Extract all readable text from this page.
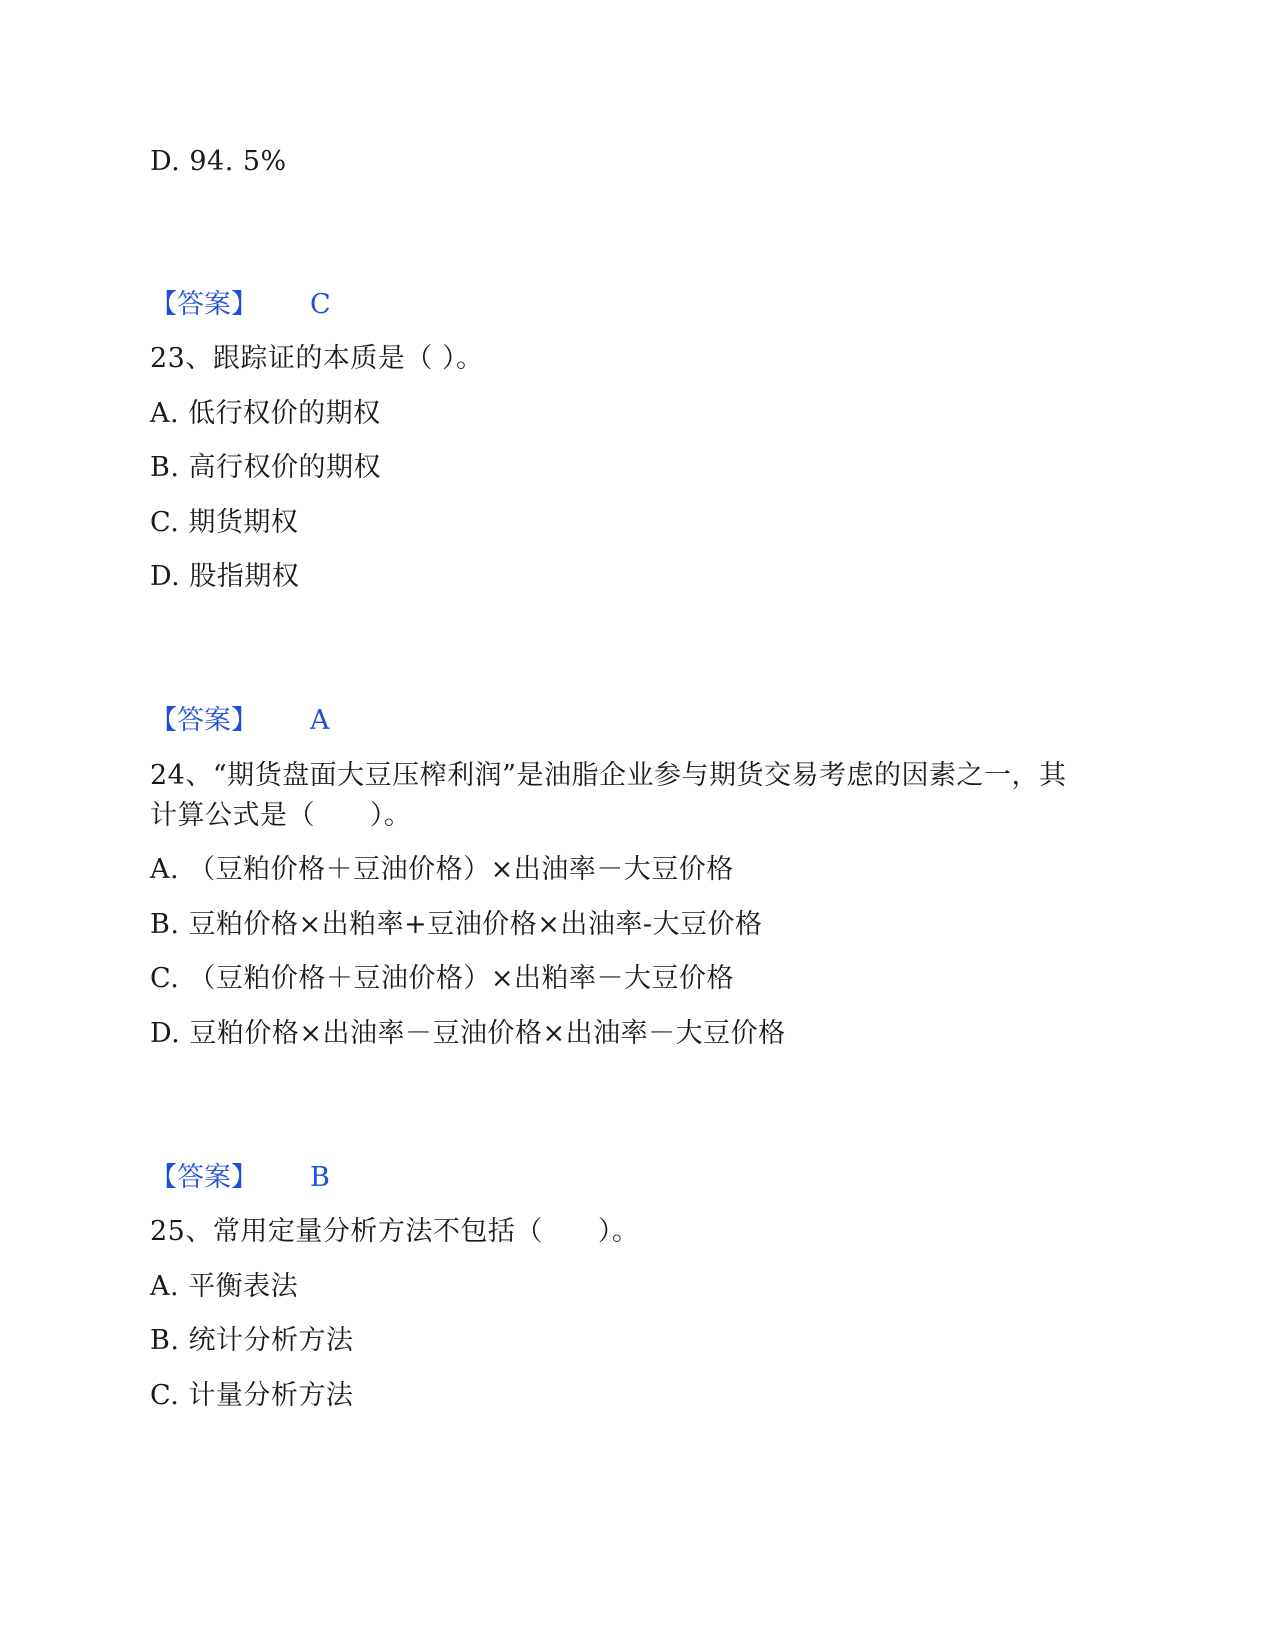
D. 94. 5%
【答案】 C
23、跟踪证的本质是（ ）。
A. 低行权价的期权
B. 高行权价的期权
C. 期货期权
D. 股指期权
【答案】 A
24、“期货盘面大豆压榨利润”是油脂企业参与期货交易考虑的因素之一，其
计算公式是（　　）。
A. （豆粕价格＋豆油价格）×出油率－大豆价格
B. 豆粕价格×出粕率+豆油价格×出油率-大豆价格
C. （豆粕价格＋豆油价格）×出粕率－大豆价格
D. 豆粕价格×出油率－豆油价格×出油率－大豆价格
【答案】 B
25、常用定量分析方法不包括（　　）。
A. 平衡表法
B. 统计分析方法
C. 计量分析方法
